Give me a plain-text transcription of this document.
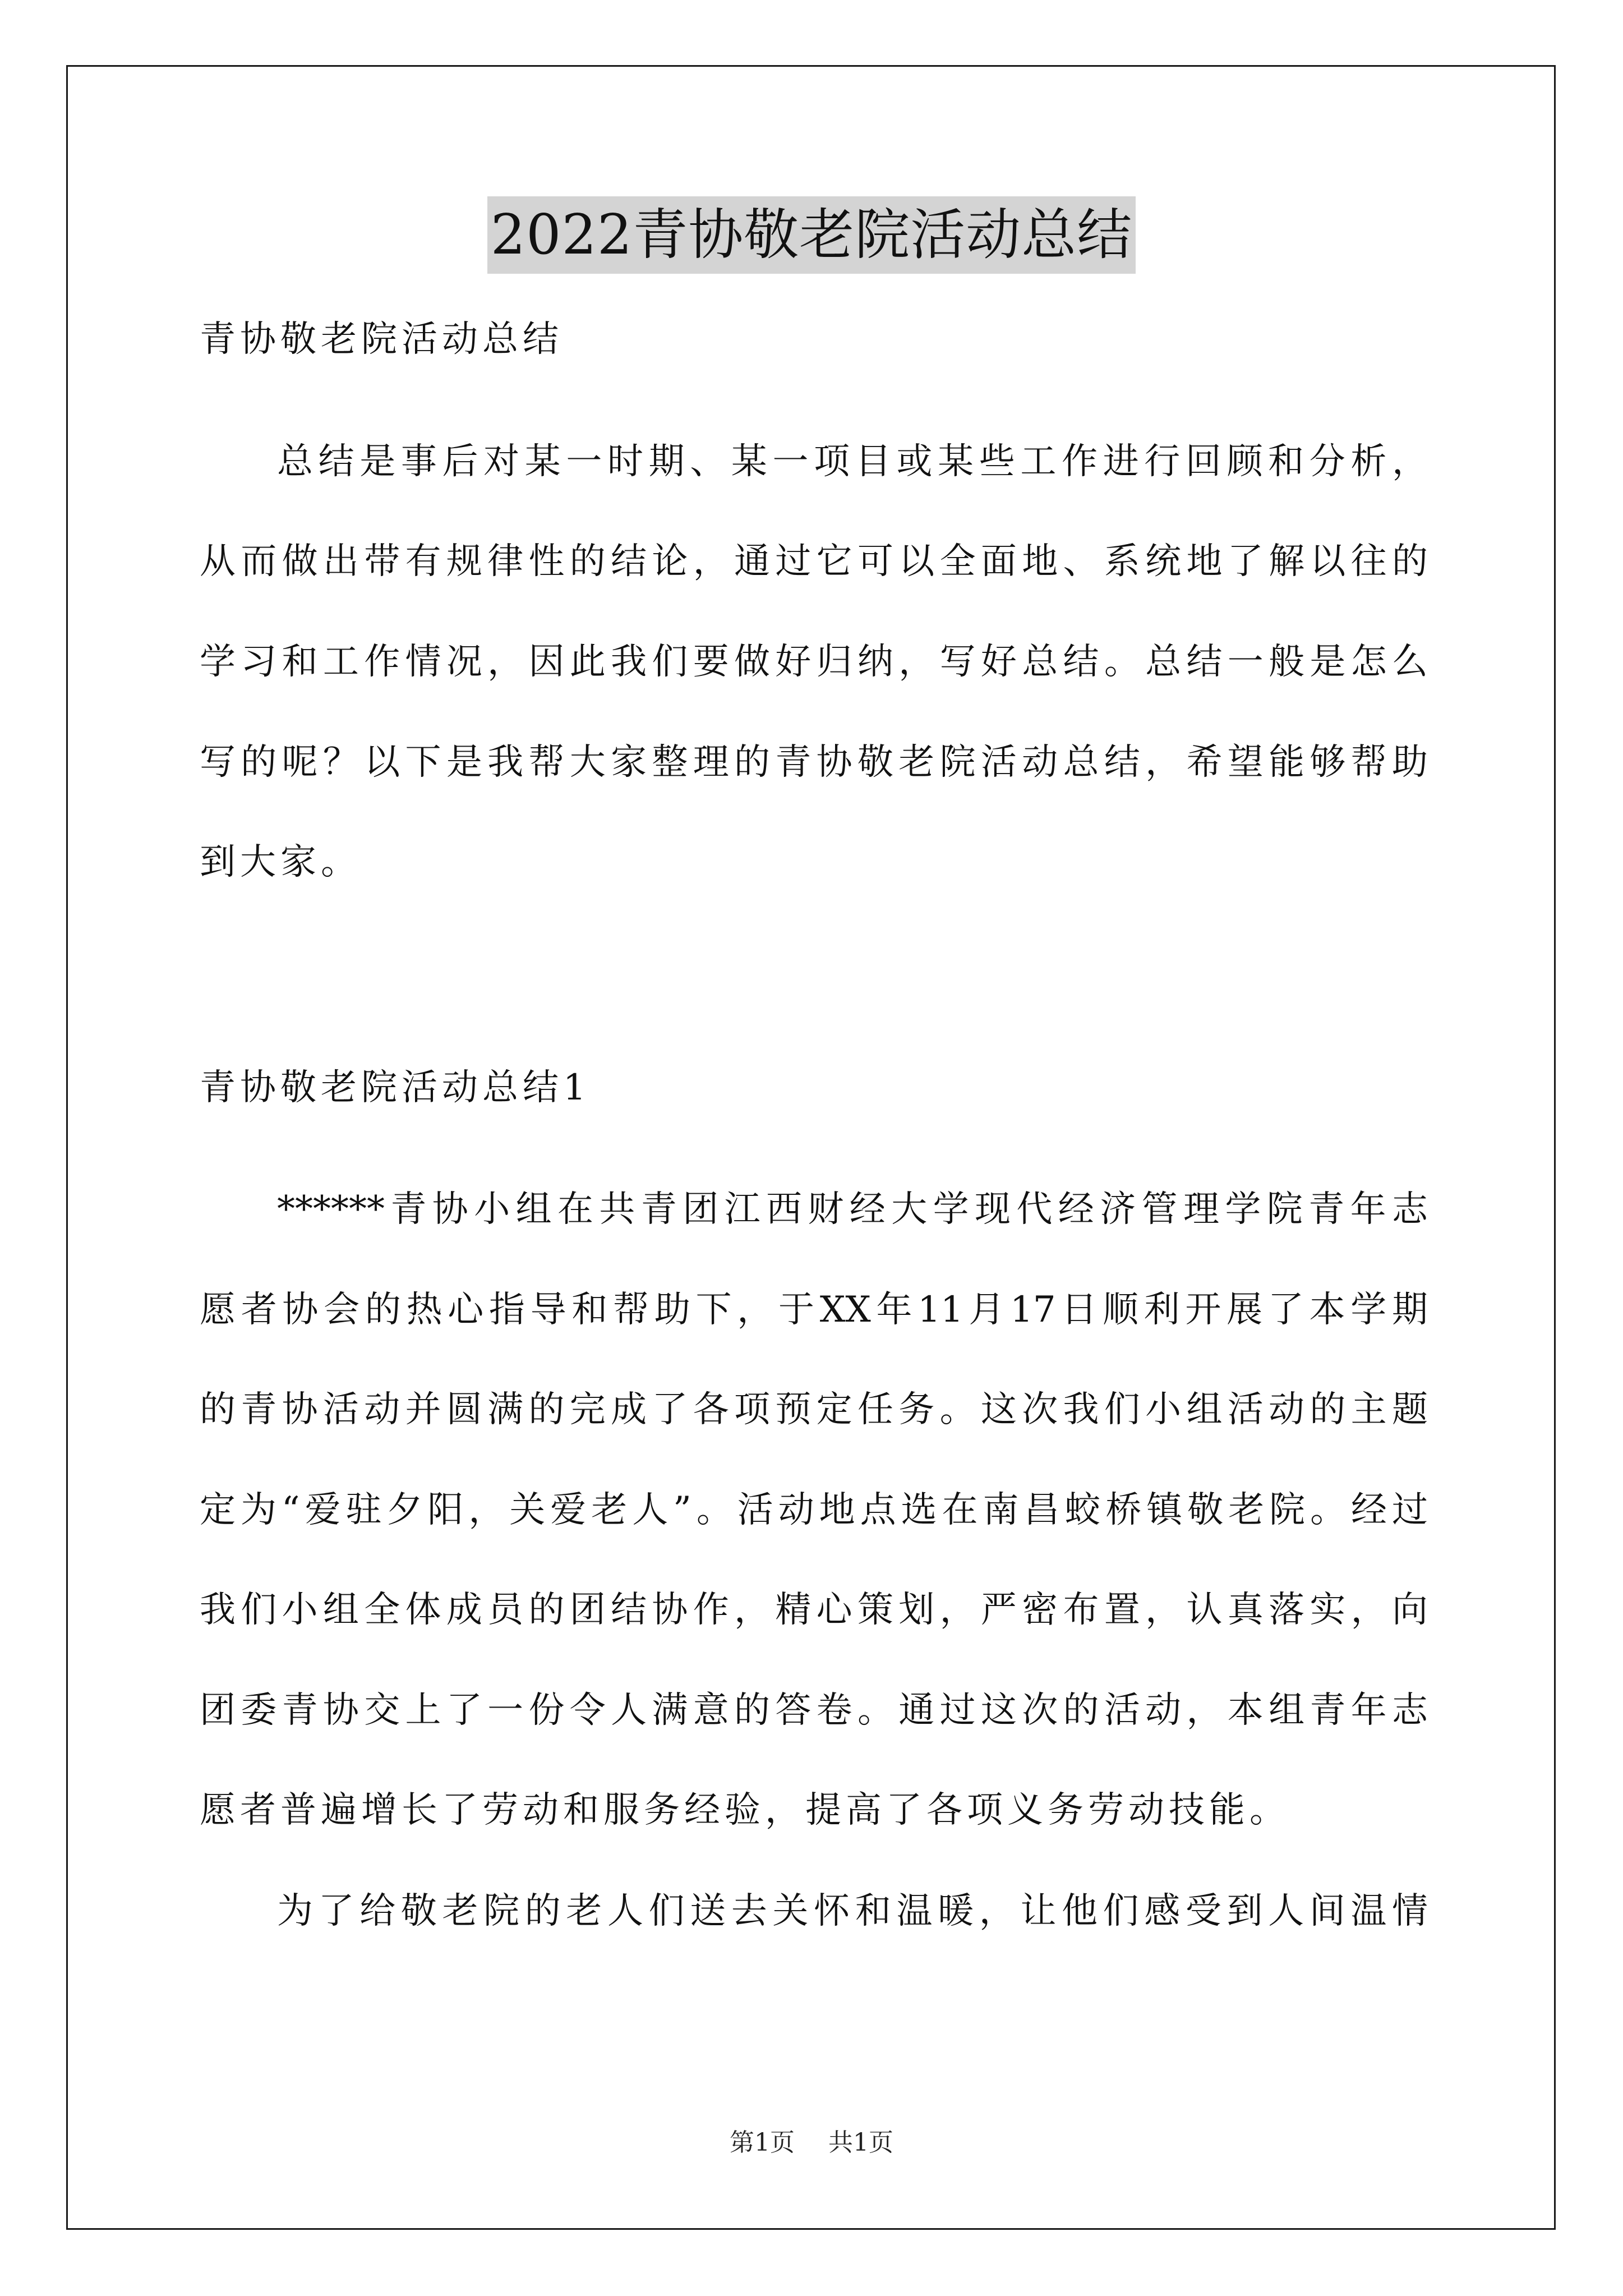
2022青协敬老院活动总结
青协敬老院活动总结
总结是事后对某一时期、某一项目或某些工作进行回顾和分析，
从而做出带有规律性的结论，通过它可以全面地、系统地了解以往的
学习和工作情况，因此我们要做好归纳，写好总结。总结一般是怎么
写的呢？以下是我帮大家整理的青协敬老院活动总结，希望能够帮助
到大家。
青协敬老院活动总结1
******青协小组在共青团江西财经大学现代经济管理学院青年志
愿者协会的热心指导和帮助下，于XX年11月17日顺利开展了本学期
的青协活动并圆满的完成了各项预定任务。这次我们小组活动的主题
定为“爱驻夕阳，关爱老人”。活动地点选在南昌蛟桥镇敬老院。经过
我们小组全体成员的团结协作，精心策划，严密布置，认真落实，向
团委青协交上了一份令人满意的答卷。通过这次的活动，本组青年志
愿者普遍增长了劳动和服务经验，提高了各项义务劳动技能。
为了给敬老院的老人们送去关怀和温暖，让他们感受到人间温情
第1页 共1页
